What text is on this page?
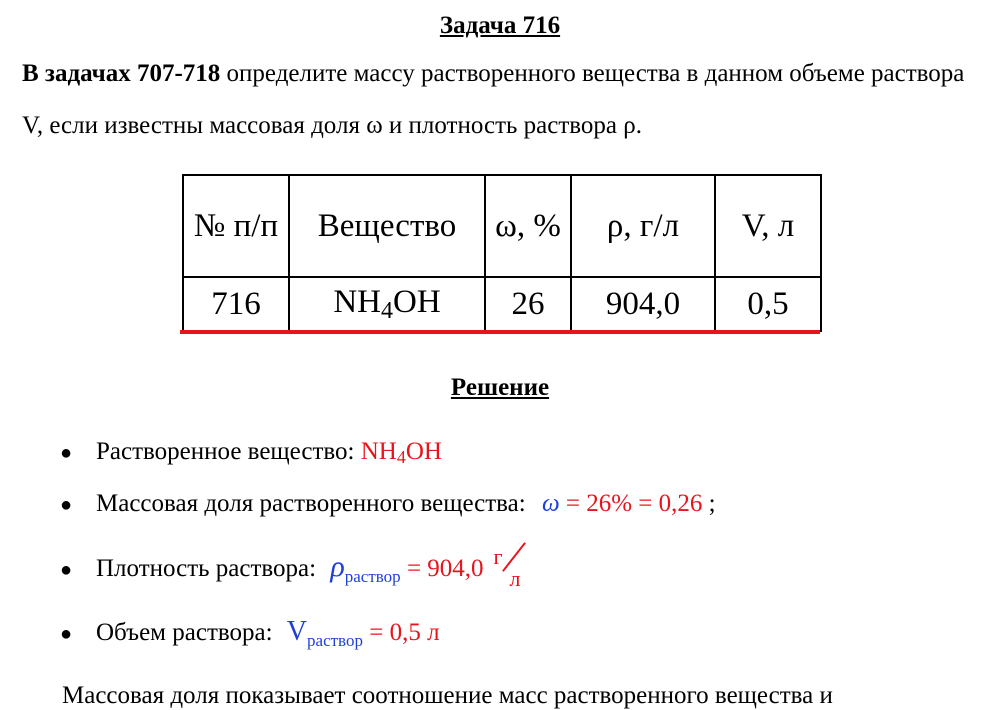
Задача 716
В задачах 707-718 определите массу растворенного вещества в данном объеме раствора V, если известны массовая доля ω и плотность раствора ρ.
№ п/п	Вещество	ω, %	ρ, г/л	V, л
716	NH4OH	26	904,0	0,5
Решение
● Растворенное вещество: NH4OH
● Массовая доля растворенного вещества: ω = 26% = 0,26 ;
● Плотность раствора: $\rho_{раствор} = 904,0$ г
л
● Объем раствора: $V_{раствор} = 0,5$ л
Массовая доля показывает соотношение масс растворенного вещества и
